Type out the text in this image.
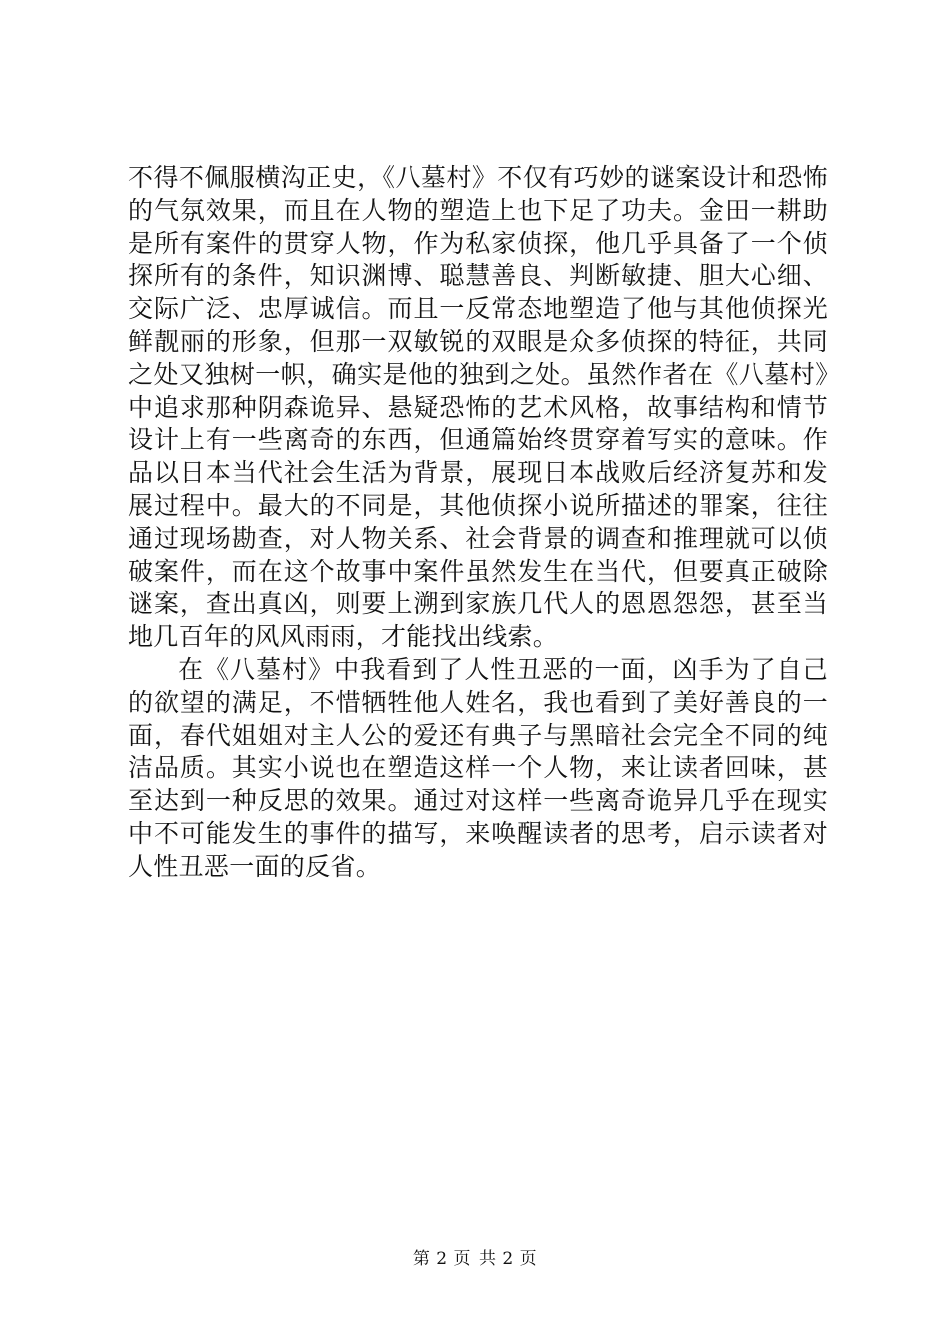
不得不佩服横沟正史，《八墓村》不仅有巧妙的谜案设计和恐怖的气氛效果，而且在人物的塑造上也下足了功夫。金田一耕助是所有案件的贯穿人物，作为私家侦探，他几乎具备了一个侦探所有的条件，知识渊博、聪慧善良、判断敏捷、胆大心细、交际广泛、忠厚诚信。而且一反常态地塑造了他与其他侦探光鲜靓丽的形象，但那一双敏锐的双眼是众多侦探的特征，共同之处又独树一帜，确实是他的独到之处。虽然作者在《八墓村》中追求那种阴森诡异、悬疑恐怖的艺术风格，故事结构和情节设计上有一些离奇的东西，但通篇始终贯穿着写实的意味。作品以日本当代社会生活为背景，展现日本战败后经济复苏和发展过程中。最大的不同是，其他侦探小说所描述的罪案，往往通过现场勘查，对人物关系、社会背景的调查和推理就可以侦破案件，而在这个故事中案件虽然发生在当代，但要真正破除谜案，查出真凶，则要上溯到家族几代人的恩恩怨怨，甚至当地几百年的风风雨雨，才能找出线索。

在《八墓村》中我看到了人性丑恶的一面，凶手为了自己的欲望的满足，不惜牺牲他人姓名，我也看到了美好善良的一面，春代姐姐对主人公的爱还有典子与黑暗社会完全不同的纯洁品质。其实小说也在塑造这样一个人物，来让读者回味，甚至达到一种反思的效果。通过对这样一些离奇诡异几乎在现实中不可能发生的事件的描写，来唤醒读者的思考，启示读者对人性丑恶一面的反省。

第 2 页 共 2 页
